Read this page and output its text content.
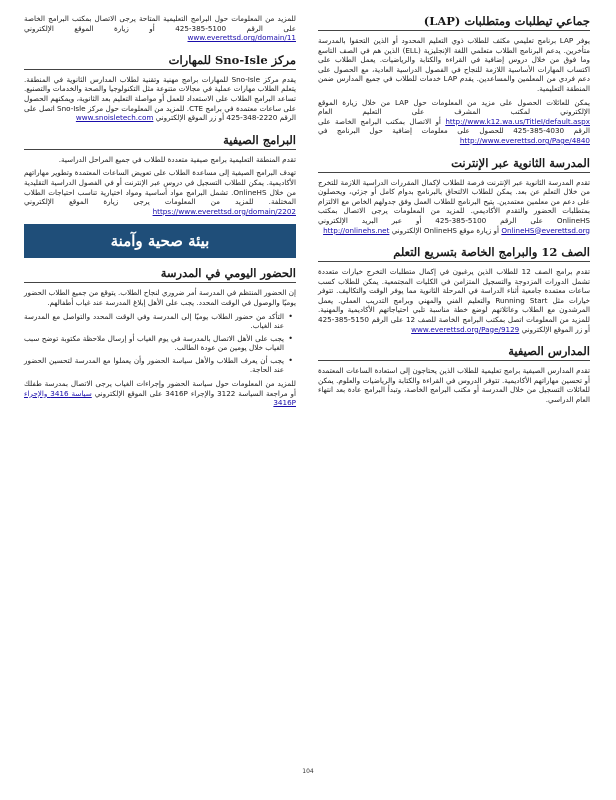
جماعي تيطلبات ومتطلبات (LAP)

يوفر LAP برنامج تعليمي مكثف للطلاب ذوي التعليم المحدود أو الذين التحقوا بالمدرسة متأخرين. يدعم البرنامج الطلاب متعلمي اللغة الإنجليزية (ELL) الذين هم في الصف التاسع وما فوق من خلال دروس إضافية في القراءة والكتابة والرياضيات. يعمل الطلاب على اكتساب المهارات الأساسية اللازمة للنجاح في الفصول الدراسية العادية، مع الحصول على دعم فردي من المعلمين والمساعدين. يقدم LAP خدمات للطلاب في جميع المدارس ضمن المنطقة التعليمية.

يمكن للعائلات الحصول على مزيد من المعلومات حول LAP من خلال زيارة الموقع الإلكتروني لمكتب المشرف على التعليم العام http://www.k12.wa.us/TitleI/default.aspx أو الاتصال بمكتب البرامج الخاصة على الرقم 4030-385-425 للحصول على معلومات إضافية حول البرنامج في http://www.everettsd.org/Page/4840

المدرسة الثانوية عبر الإنترنت

تقدم المدرسة الثانوية عبر الإنترنت فرصة للطلاب لإكمال المقررات الدراسية اللازمة للتخرج من خلال التعلم عن بعد. يمكن للطلاب الالتحاق بالبرنامج بدوام كامل أو جزئي، ويحصلون على دعم من معلمين معتمدين. يتيح البرنامج للطلاب العمل وفق جدولهم الخاص مع الالتزام بمتطلبات الحضور والتقدم الأكاديمي. للمزيد من المعلومات يرجى الاتصال بمكتب OnlineHS على الرقم 5100-385-425 أو عبر البريد الإلكتروني OnlineHS@everettsd.org أو زيارة موقع OnlineHS الإلكتروني http://onlinehs.net

الصف 12 والبرامج الخاصة بتسريع التعلم

تقدم برامج الصف 12 للطلاب الذين يرغبون في إكمال متطلبات التخرج خيارات متعددة تشمل الدورات المزدوجة والتسجيل المتزامن في الكليات المجتمعية. يمكن للطلاب كسب ساعات معتمدة جامعية أثناء الدراسة في المرحلة الثانوية مما يوفر الوقت والتكاليف. تتوفر خيارات مثل Running Start والتعليم الفني والمهني وبرامج التدريب العملي. يعمل المرشدون مع الطلاب وعائلاتهم لوضع خطة مناسبة تلبي احتياجاتهم الأكاديمية والمهنية. للمزيد من المعلومات اتصل بمكتب البرامج الخاصة للصف 12 على الرقم 5150-385-425 أو زر الموقع الإلكتروني www.everettsd.org/Page/9129

المدارس الصيفية

تقدم المدارس الصيفية برامج تعليمية للطلاب الذين يحتاجون إلى استعادة الساعات المعتمدة أو تحسين مهاراتهم الأكاديمية. تتوفر الدروس في القراءة والكتابة والرياضيات والعلوم. يمكن للعائلات التسجيل من خلال المدرسة أو مكتب البرامج الخاصة، وتبدأ البرامج عادة بعد انتهاء العام الدراسي.

للمزيد من المعلومات حول البرامج التعليمية المتاحة يرجى الاتصال بمكتب البرامج الخاصة على الرقم 5100-385-425 أو زيارة الموقع الإلكتروني www.everettsd.org/domain/11

مركز Sno-Isle للمهارات

يقدم مركز Sno-Isle للمهارات برامج مهنية وتقنية لطلاب المدارس الثانوية في المنطقة. يتعلم الطلاب مهارات عملية في مجالات متنوعة مثل التكنولوجيا والصحة والخدمات والتصنيع. تساعد البرامج الطلاب على الاستعداد للعمل أو مواصلة التعليم بعد الثانوية، ويمكنهم الحصول على ساعات معتمدة في برامج CTE. للمزيد من المعلومات حول مركز Sno-Isle اتصل على الرقم 2220-348-425 أو زر الموقع الإلكتروني www.snoisletech.com

البرامج الصيفية

تقدم المنطقة التعليمية برامج صيفية متعددة للطلاب في جميع المراحل الدراسية.

تهدف البرامج الصيفية إلى مساعدة الطلاب على تعويض الساعات المعتمدة وتطوير مهاراتهم الأكاديمية. يمكن للطلاب التسجيل في دروس عبر الإنترنت أو في الفصول الدراسية التقليدية من خلال OnlineHS. تشمل البرامج مواد أساسية ومواد اختيارية تناسب احتياجات الطلاب المختلفة. للمزيد من المعلومات يرجى زيارة الموقع الإلكتروني https://www.everettsd.org/domain/2202

بيئة صحية وآمنة
الحضور اليومي في المدرسة

إن الحضور المنتظم في المدرسة أمر ضروري لنجاح الطلاب. يتوقع من جميع الطلاب الحضور يوميًا والوصول في الوقت المحدد. يجب على الأهل إبلاغ المدرسة عند غياب أطفالهم.

• التأكد من حضور الطلاب يوميًا إلى المدرسة وفي الوقت المحدد والتواصل مع المدرسة عند الغياب.
• يجب على الأهل الاتصال بالمدرسة في يوم الغياب أو إرسال ملاحظة مكتوبة توضح سبب الغياب خلال يومين من عودة الطالب.
• يجب أن يعرف الطلاب والأهل سياسة الحضور وأن يعملوا مع المدرسة لتحسين الحضور عند الحاجة.

للمزيد من المعلومات حول سياسة الحضور وإجراءات الغياب يرجى الاتصال بمدرسة طفلك أو مراجعة السياسة 3122 والإجراء 3416P على الموقع الإلكتروني سياسة 3416 والإجراء 3416P

104
